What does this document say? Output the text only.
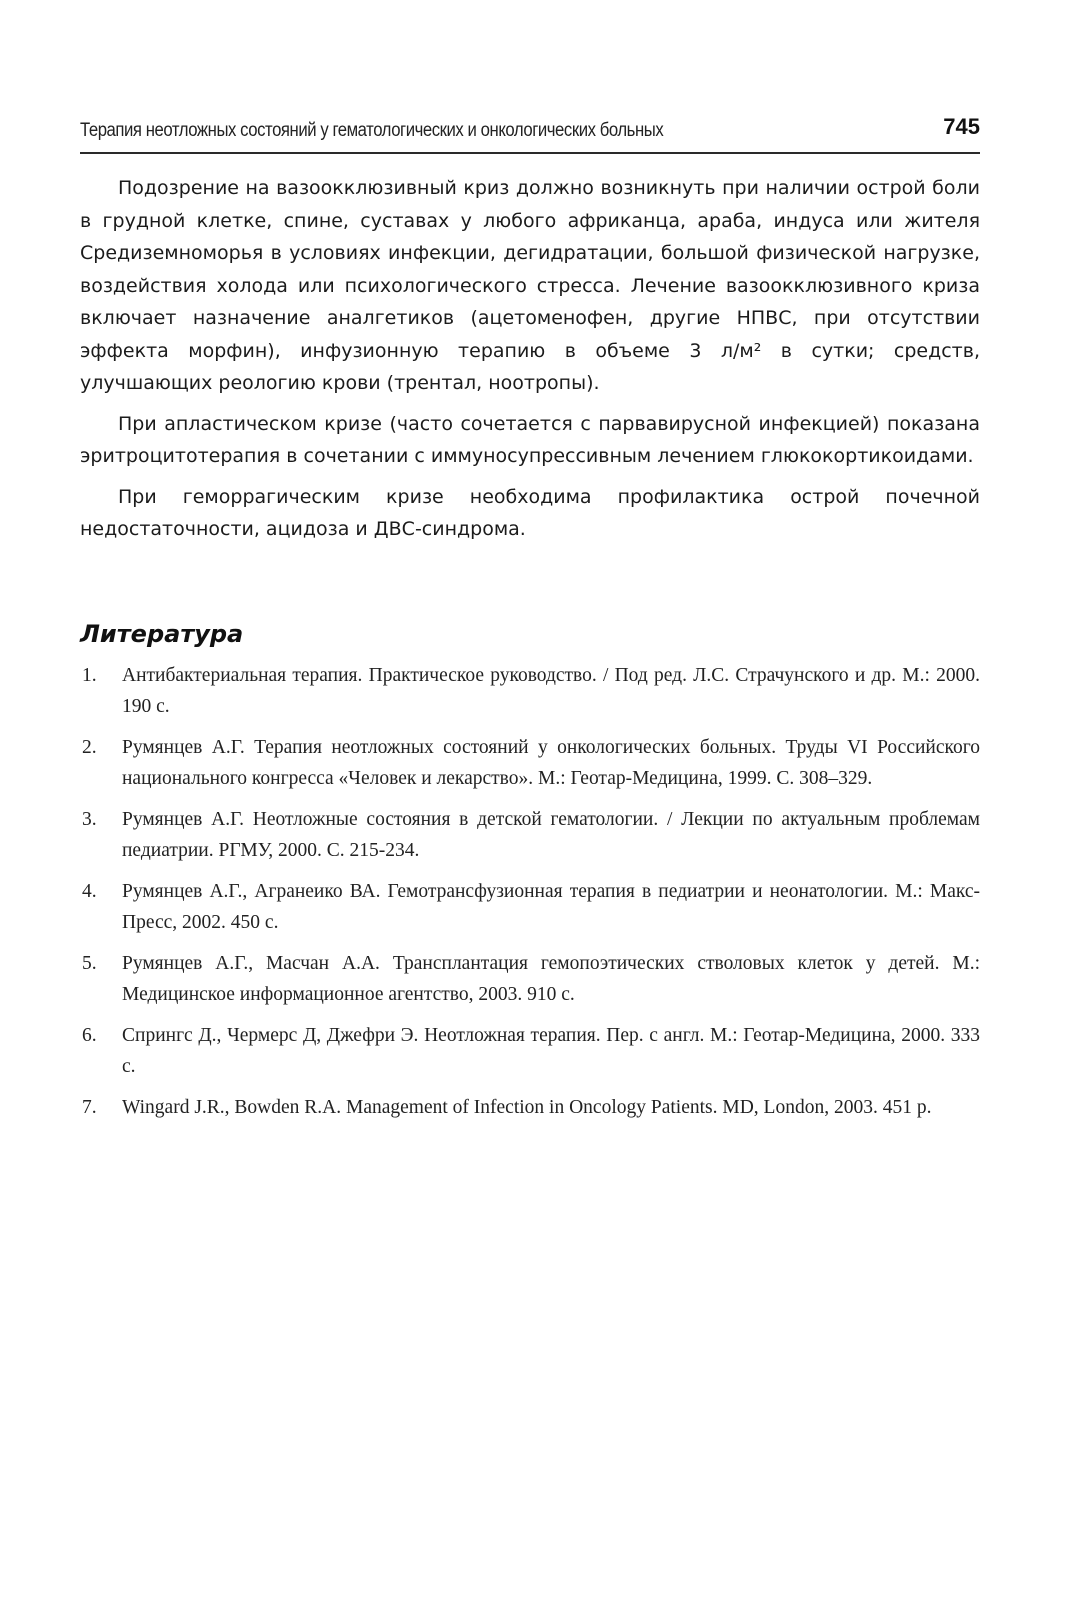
Терапия неотложных состояний у гематологических и онкологических больных	745

Подозрение на вазоокклюзивный криз должно возникнуть при наличии острой боли в грудной клетке, спине, суставах у любого африканца, араба, индуса или жителя Средиземноморья в условиях инфекции, дегидратации, большой физической нагрузке, воздействия холода или психологического стресса. Лечение вазоокклюзивного криза включает назначение аналгетиков (ацетоменофен, другие НПВС, при отсутствии эффекта морфин), инфузионную терапию в объеме 3 л/м² в сутки; средств, улучшающих реологию крови (трентал, ноотропы).

При апластическом кризе (часто сочетается с парвавирусной инфекцией) показана эритроцитотерапия в сочетании с иммуносупрессивным лечением глюкокортикоидами.

При геморрагическим кризе необходима профилактика острой почечной недостаточности, ацидоза и ДВС-синдрома.

Литература
1. Антибактериальная терапия. Практическое руководство. / Под ред. Л.С. Страчунского и др. М.: 2000. 190 с.
2. Румянцев А.Г. Терапия неотложных состояний у онкологических больных. Труды VI Российского национального конгресса «Человек и лекарство». М.: Геотар-Медицина, 1999. С. 308–329.
3. Румянцев А.Г. Неотложные состояния в детской гематологии. / Лекции по актуальным проблемам педиатрии. РГМУ, 2000. С. 215-234.
4. Румянцев А.Г., Агранеико ВА. Гемотрансфузионная терапия в педиатрии и неонатологии. М.: Макс-Пресс, 2002. 450 с.
5. Румянцев А.Г., Масчан А.А. Трансплантация гемопоэтических стволовых клеток у детей. М.: Медицинское информационное агентство, 2003. 910 с.
6. Спрингс Д., Чермерс Д, Джефри Э. Неотложная терапия. Пер. с англ. М.: Геотар-Медицина, 2000. 333 с.
7. Wingard J.R., Bowden R.A. Management of Infection in Oncology Patients. MD, London, 2003. 451 p.
